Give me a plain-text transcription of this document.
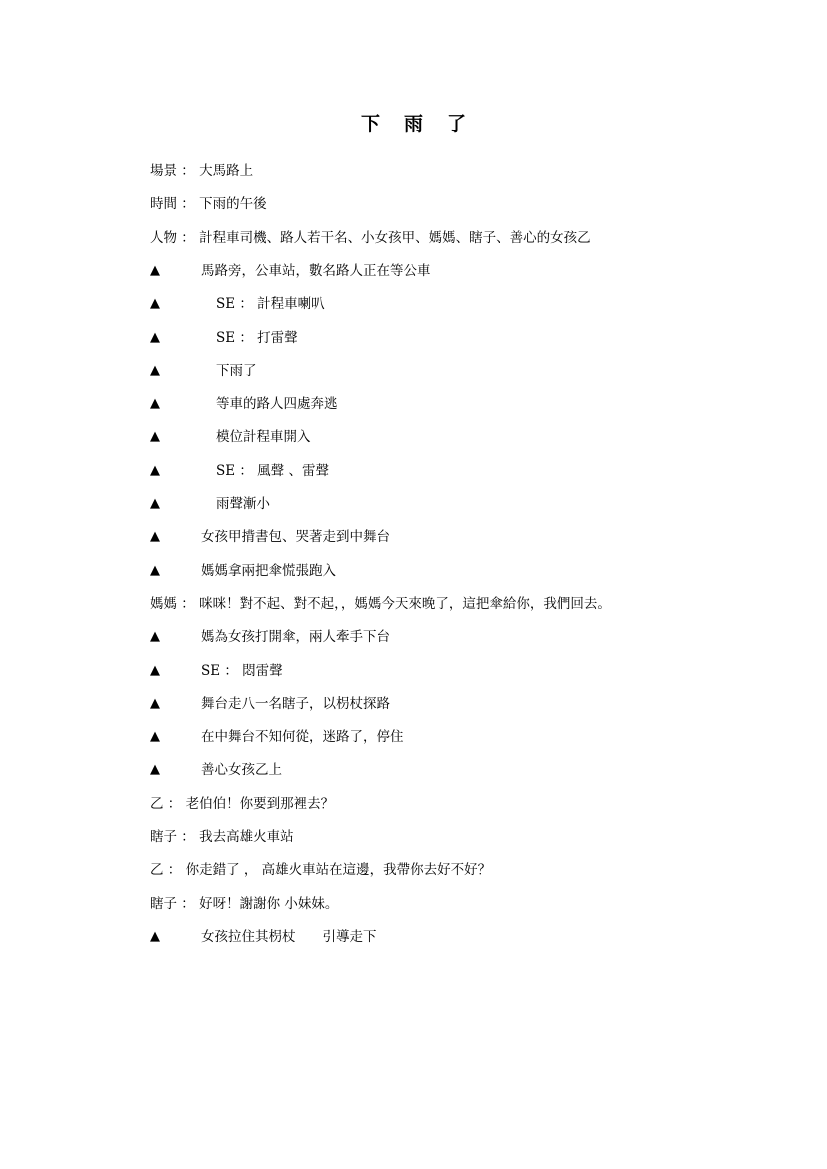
下 雨 了
場景 ： 大馬路上
時間 ： 下雨的午後
人物 ： 計程車司機、路人若干名、小女孩甲、媽媽、瞎子、善心的女孩乙
▲	馬路旁，公車站，數名路人正在等公車
▲	SE ： 計程車喇叭
▲	SE ： 打雷聲
▲	下雨了
▲	等車的路人四處奔逃
▲	模位計程車開入
▲	SE ： 風聲 、雷聲
▲	雨聲漸小
▲	女孩甲揹書包、哭著走到中舞台
▲	媽媽拿兩把傘慌張跑入
媽媽 ： 咪咪！對不起、對不起，，媽媽今天來晚了，這把傘給你，我們回去。
▲	媽為女孩打開傘，兩人牽手下台
▲	SE ： 悶雷聲
▲	舞台走八一名瞎子，以枴杖探路
▲	在中舞台不知何從，迷路了，停住
▲	善心女孩乙上
乙 ： 老伯伯！你要到那裡去？
瞎子 ： 我去高雄火車站
乙 ： 你走錯了 ， 高雄火車站在這邊，我帶你去好不好？
瞎子 ： 好呀！謝謝你 小妹妹。
▲	女孩拉住其枴杖　　引導走下
